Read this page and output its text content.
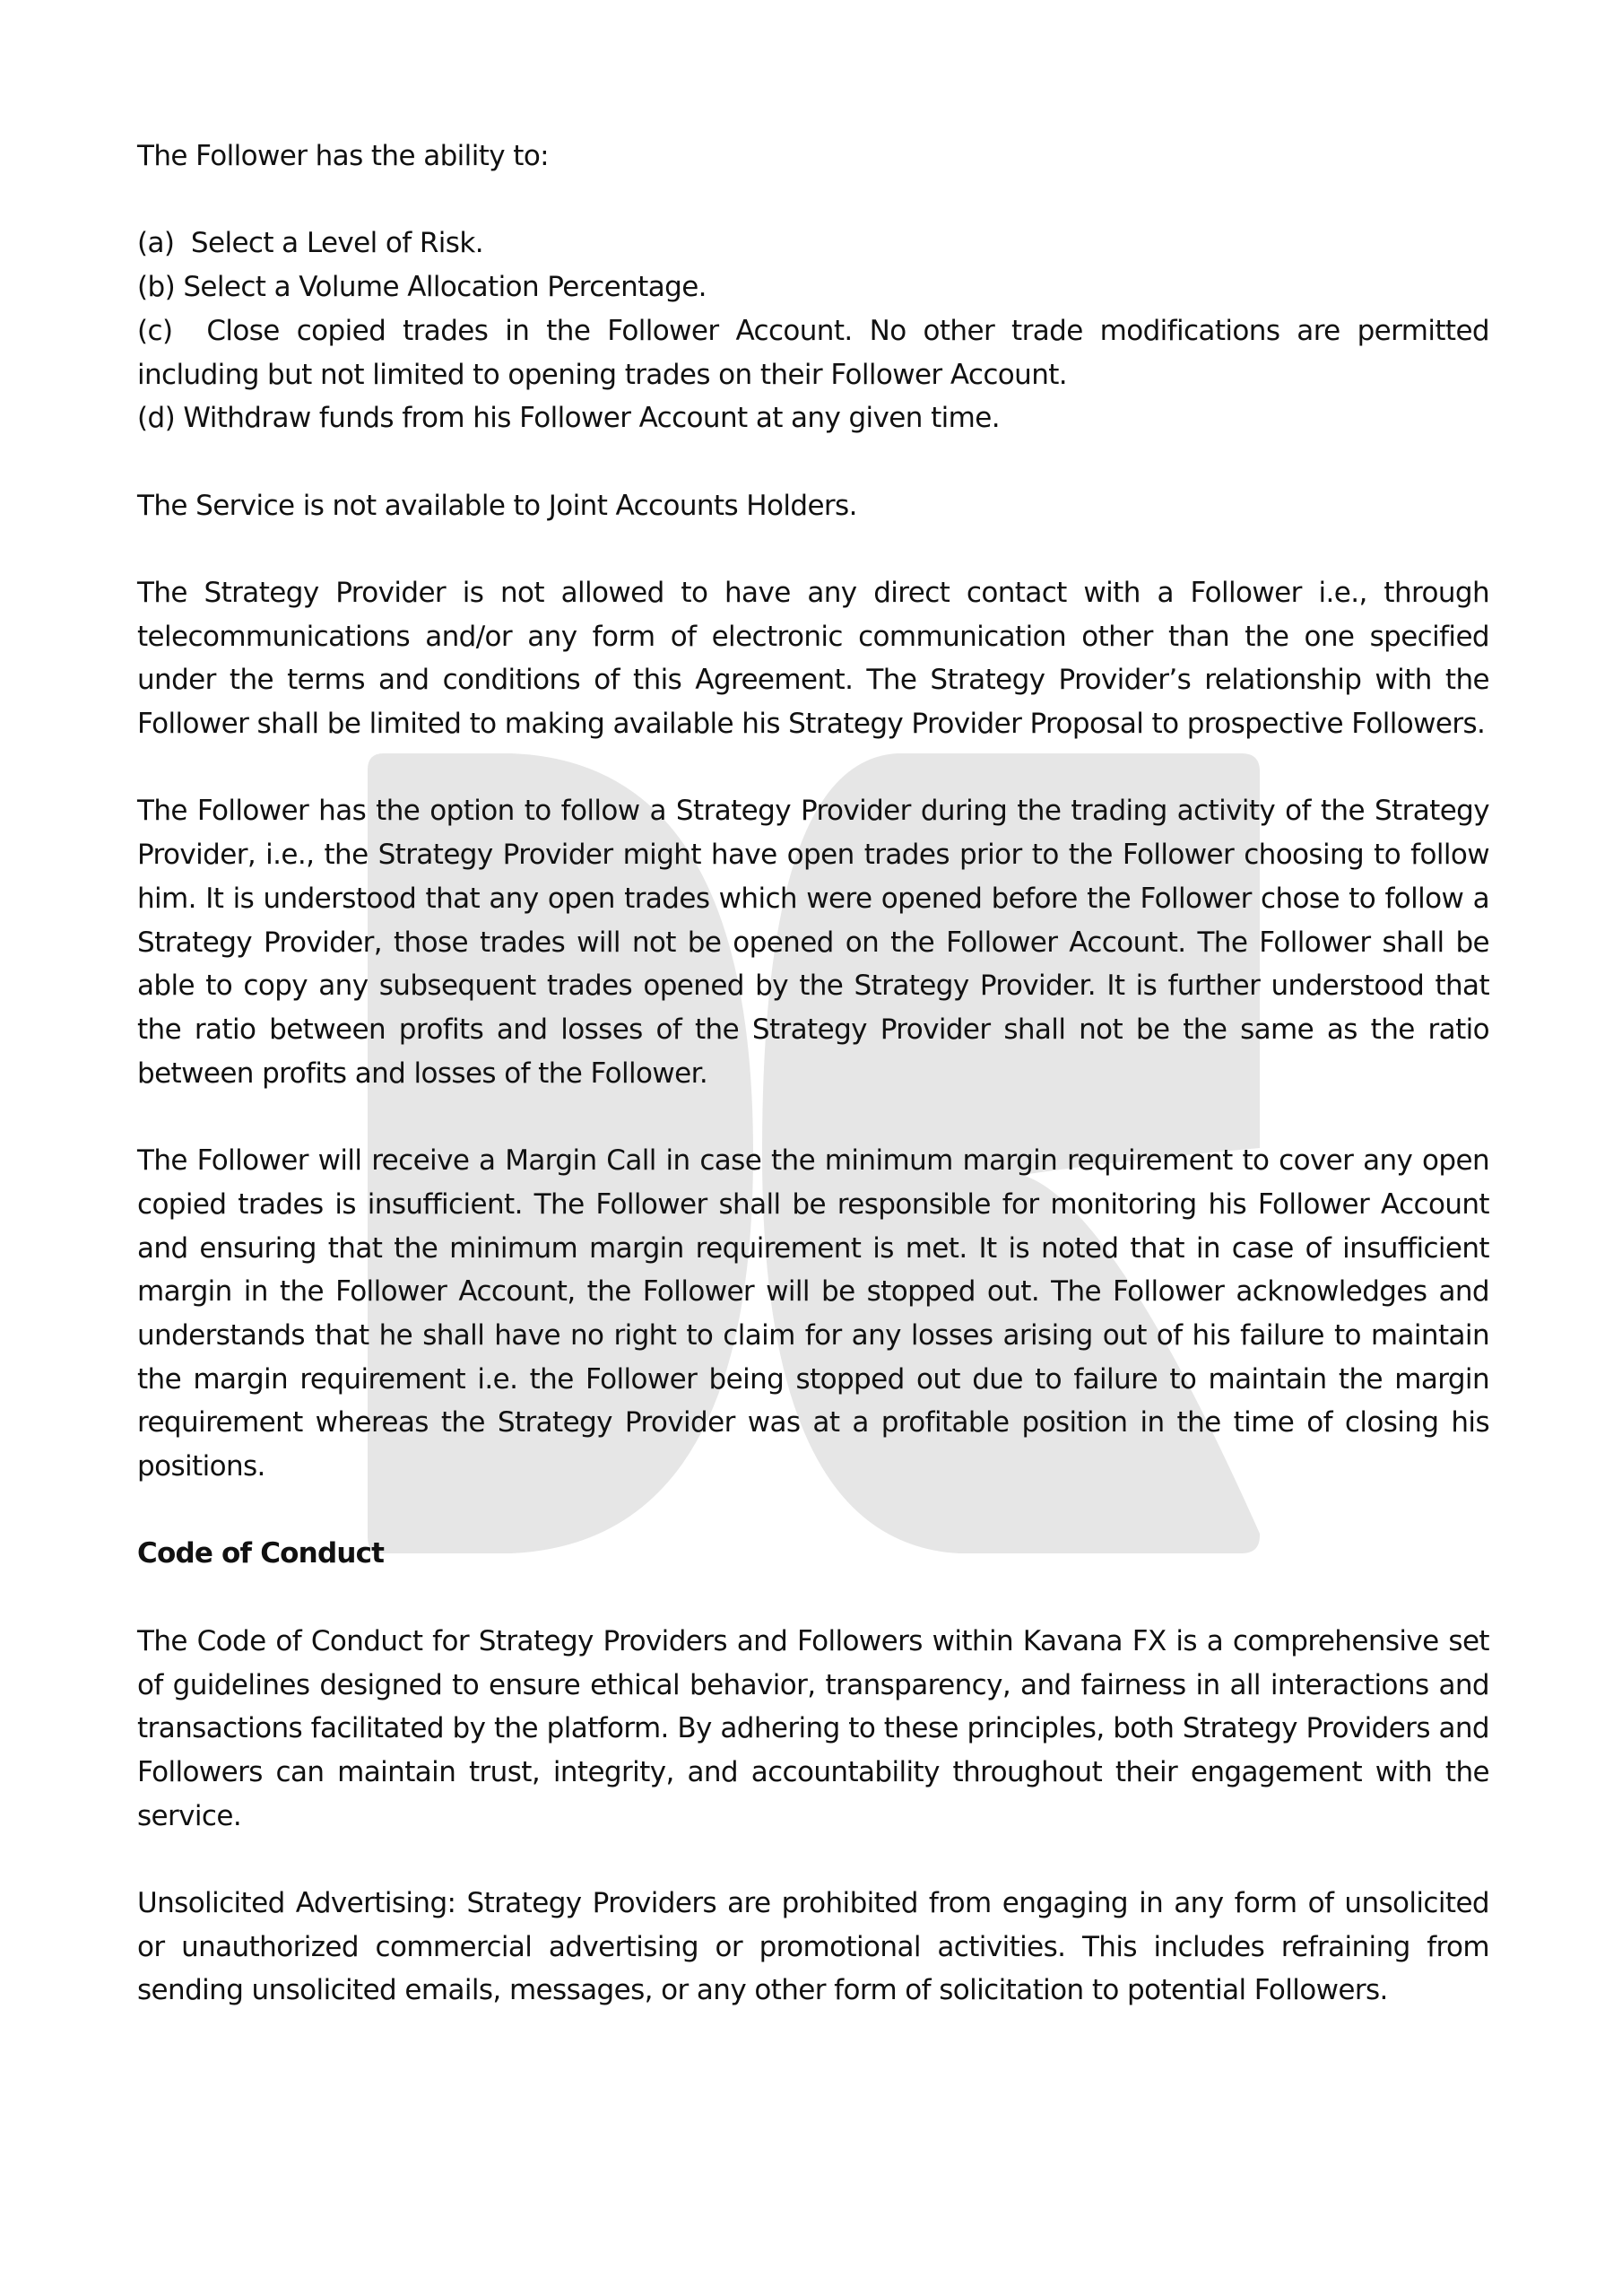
The Follower has the ability to:

(a)  Select a Level of Risk.

(b) Select a Volume Allocation Percentage.

(c)  Close copied trades in the Follower Account. No other trade modifications are permitted including but not limited to opening trades on their Follower Account.

(d) Withdraw funds from his Follower Account at any given time.

The Service is not available to Joint Accounts Holders.

The Strategy Provider is not allowed to have any direct contact with a Follower i.e., through telecommunications and/or any form of electronic communication other than the one specified under the terms and conditions of this Agreement. The Strategy Provider’s relationship with the Follower shall be limited to making available his Strategy Provider Proposal to prospective Followers.

The Follower has the option to follow a Strategy Provider during the trading activity of the Strategy Provider, i.e., the Strategy Provider might have open trades prior to the Follower choosing to follow him. It is understood that any open trades which were opened before the Follower chose to follow a Strategy Provider, those trades will not be opened on the Follower Account. The Follower shall be able to copy any subsequent trades opened by the Strategy Provider. It is further understood that the ratio between profits and losses of the Strategy Provider shall not be the same as the ratio between profits and losses of the Follower.

The Follower will receive a Margin Call in case the minimum margin requirement to cover any open copied trades is insufficient. The Follower shall be responsible for monitoring his Follower Account and ensuring that the minimum margin requirement is met. It is noted that in case of insufficient margin in the Follower Account, the Follower will be stopped out. The Follower acknowledges and understands that he shall have no right to claim for any losses arising out of his failure to maintain the margin requirement i.e. the Follower being stopped out due to failure to maintain the margin requirement whereas the Strategy Provider was at a profitable position in the time of closing his positions.

Code of Conduct

The Code of Conduct for Strategy Providers and Followers within Kavana FX is a comprehensive set of guidelines designed to ensure ethical behavior, transparency, and fairness in all interactions and transactions facilitated by the platform. By adhering to these principles, both Strategy Providers and Followers can maintain trust, integrity, and accountability throughout their engagement with the service.

Unsolicited Advertising: Strategy Providers are prohibited from engaging in any form of unsolicited or unauthorized commercial advertising or promotional activities. This includes refraining from sending unsolicited emails, messages, or any other form of solicitation to potential Followers.
